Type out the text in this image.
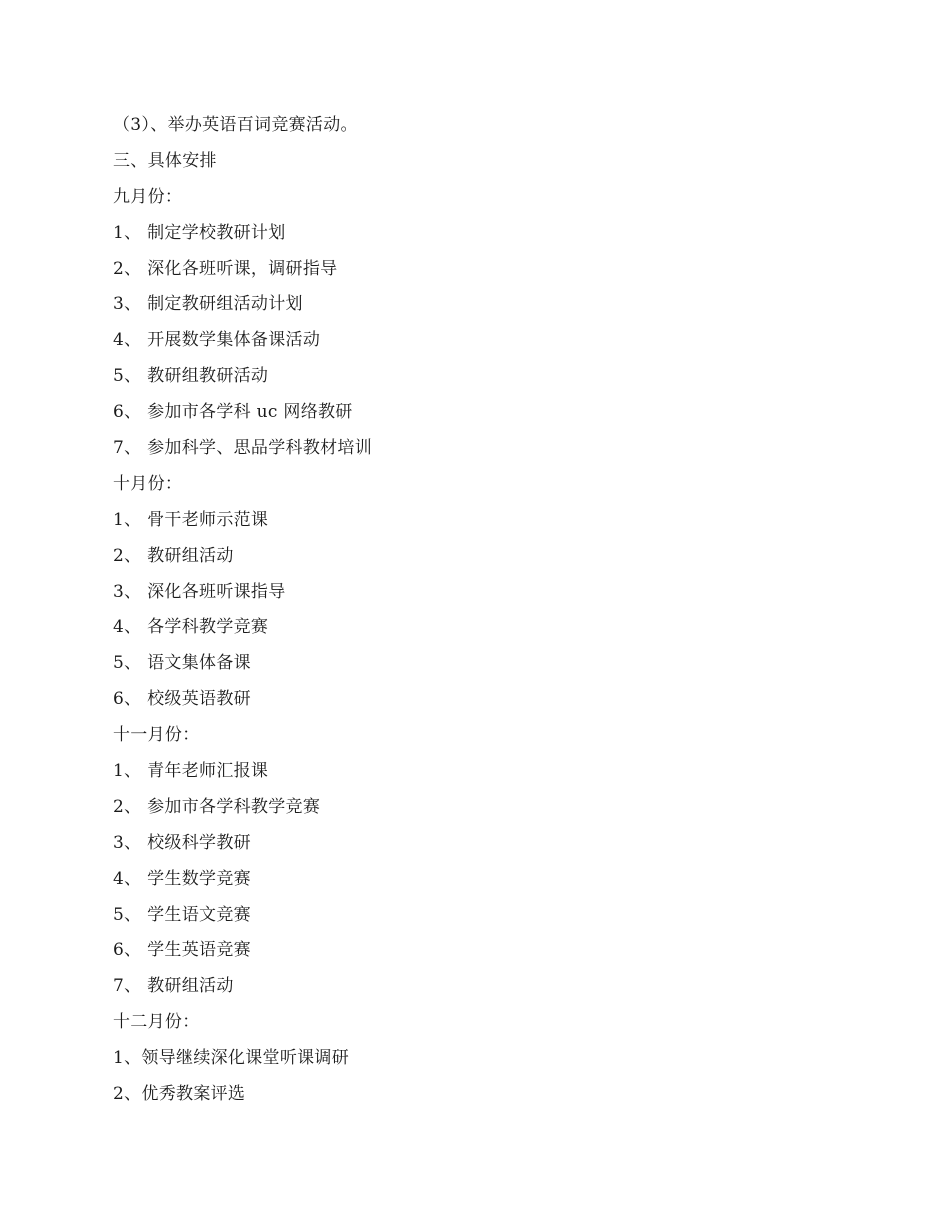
（3）、举办英语百词竞赛活动。
三、具体安排
九月份：
1、 制定学校教研计划
2、 深化各班听课，调研指导
3、 制定教研组活动计划
4、 开展数学集体备课活动
5、 教研组教研活动
6、 参加市各学科 uc 网络教研
7、 参加科学、思品学科教材培训
十月份：
1、 骨干老师示范课
2、 教研组活动
3、 深化各班听课指导
4、 各学科教学竞赛
5、 语文集体备课
6、 校级英语教研
十一月份：
1、 青年老师汇报课
2、 参加市各学科教学竞赛
3、 校级科学教研
4、 学生数学竞赛
5、 学生语文竞赛
6、 学生英语竞赛
7、 教研组活动
十二月份：
1、领导继续深化课堂听课调研
2、优秀教案评选
